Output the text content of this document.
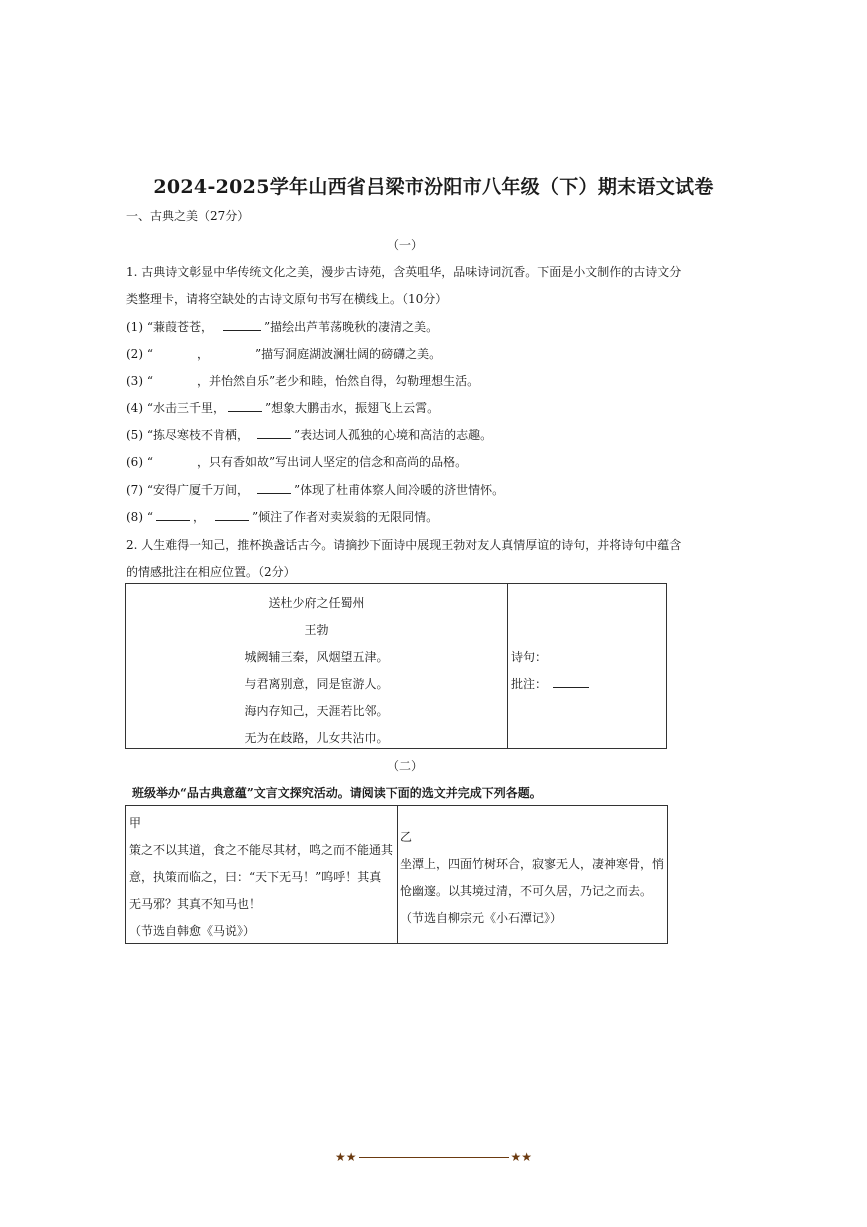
2024-2025学年山西省吕梁市汾阳市八年级（下）期末语文试卷
一、古典之美（27分）
（一）
1. 古典诗文彰显中华传统文化之美，漫步古诗苑，含英咀华，品味诗词沉香。下面是小文制作的古诗文分
类整理卡，请将空缺处的古诗文原句书写在横线上。（10分）
(1) “蒹葭苍苍，	”描绘出芦苇荡晚秋的凄清之美。
(2) “	，	”描写洞庭湖波澜壮阔的磅礴之美。
(3) “	，并怡然自乐”老少和睦，怡然自得，勾勒理想生活。
(4) “水击三千里，	”想象大鹏击水，振翅飞上云霄。
(5) “拣尽寒枝不肯栖，	”表达词人孤独的心境和高洁的志趣。
(6) “	，只有香如故”写出词人坚定的信念和高尚的品格。
(7) “安得广厦千万间，	”体现了杜甫体察人间冷暖的济世情怀。
(8) “	，	”倾注了作者对卖炭翁的无限同情。
2. 人生难得一知己，推杯换盏话古今。请摘抄下面诗中展现王勃对友人真情厚谊的诗句，并将诗句中蕴含
的情感批注在相应位置。（2分）
送杜少府之任蜀州
王勃
城阙辅三秦，风烟望五津。
与君离别意，同是宦游人。
海内存知己，天涯若比邻。
无为在歧路，儿女共沾巾。
诗句：
批注：
（二）
班级举办“品古典意蕴”文言文探究活动。请阅读下面的选文并完成下列各题。
甲
策之不以其道，食之不能尽其材，鸣之而不能通其
意，执策而临之，曰：“天下无马！”呜呼！其真
无马邪？其真不知马也！
（节选自韩愈《马说》）
乙
坐潭上，四面竹树环合，寂寥无人，凄神寒骨，悄
怆幽邃。以其境过清，不可久居，乃记之而去。
（节选自柳宗元《小石潭记》）
★★	★★
